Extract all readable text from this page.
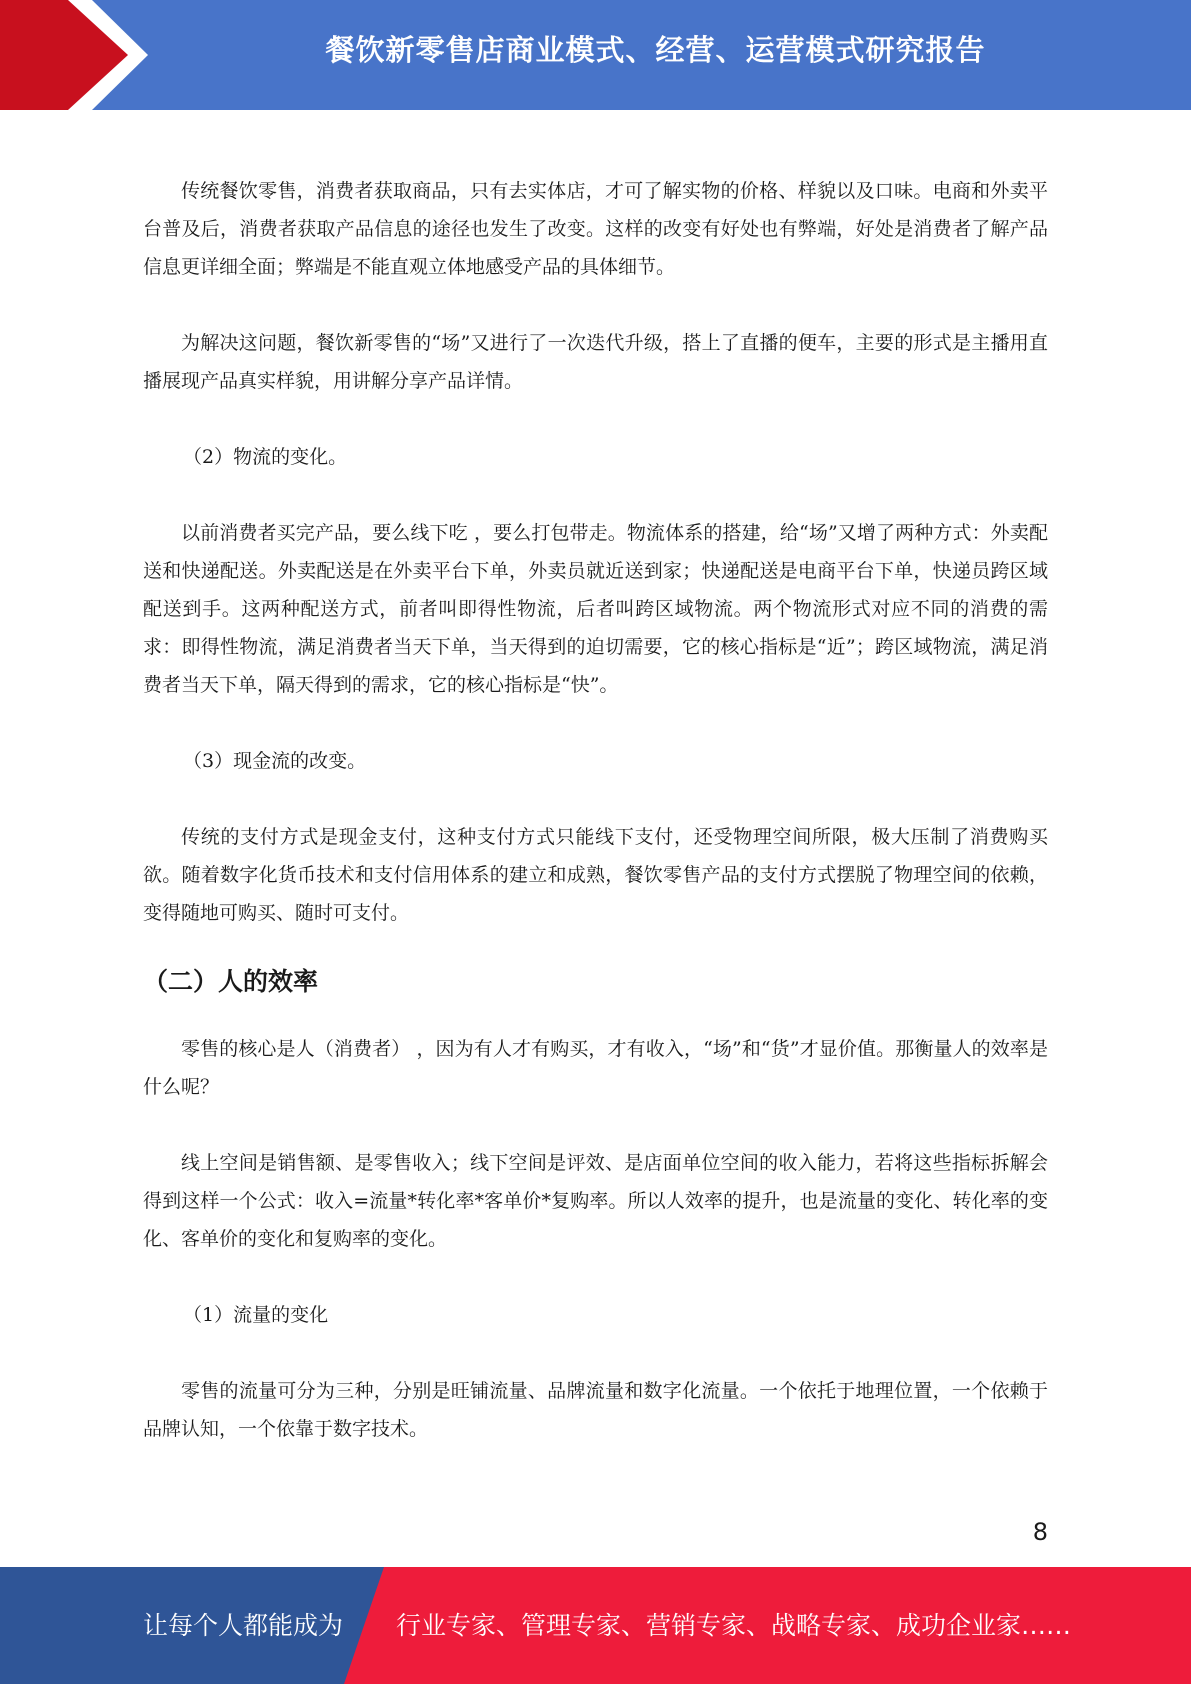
餐饮新零售店商业模式、经营、运营模式研究报告

传统餐饮零售，消费者获取商品，只有去实体店，才可了解实物的价格、样貌以及口味。电商和外卖平台普及后，消费者获取产品信息的途径也发生了改变。这样的改变有好处也有弊端，好处是消费者了解产品信息更详细全面；弊端是不能直观立体地感受产品的具体细节。

为解决这问题，餐饮新零售的“场”又进行了一次迭代升级，搭上了直播的便车，主要的形式是主播用直播展现产品真实样貌，用讲解分享产品详情。

（2）物流的变化。

以前消费者买完产品，要么线下吃 ，要么打包带走。物流体系的搭建，给“场”又增了两种方式：外卖配送和快递配送。外卖配送是在外卖平台下单，外卖员就近送到家；快递配送是电商平台下单，快递员跨区域配送到手。这两种配送方式，前者叫即得性物流，后者叫跨区域物流。两个物流形式对应不同的消费的需求：即得性物流，满足消费者当天下单，当天得到的迫切需要，它的核心指标是“近”；跨区域物流，满足消费者当天下单，隔天得到的需求，它的核心指标是“快”。

（3）现金流的改变。

传统的支付方式是现金支付，这种支付方式只能线下支付，还受物理空间所限，极大压制了消费购买欲。随着数字化货币技术和支付信用体系的建立和成熟，餐饮零售产品的支付方式摆脱了物理空间的依赖，变得随地可购买、随时可支付。

（二）人的效率

零售的核心是人（消费者） ，因为有人才有购买，才有收入，“场”和“货”才显价值。那衡量人的效率是什么呢？

线上空间是销售额、是零售收入；线下空间是评效、是店面单位空间的收入能力，若将这些指标拆解会得到这样一个公式：收入=流量*转化率*客单价*复购率。所以人效率的提升，也是流量的变化、转化率的变化、客单价的变化和复购率的变化。

（1）流量的变化

零售的流量可分为三种，分别是旺铺流量、品牌流量和数字化流量。一个依托于地理位置，一个依赖于品牌认知，一个依靠于数字技术。

8
让每个人都能成为 行业专家、管理专家、营销专家、战略专家、成功企业家……
